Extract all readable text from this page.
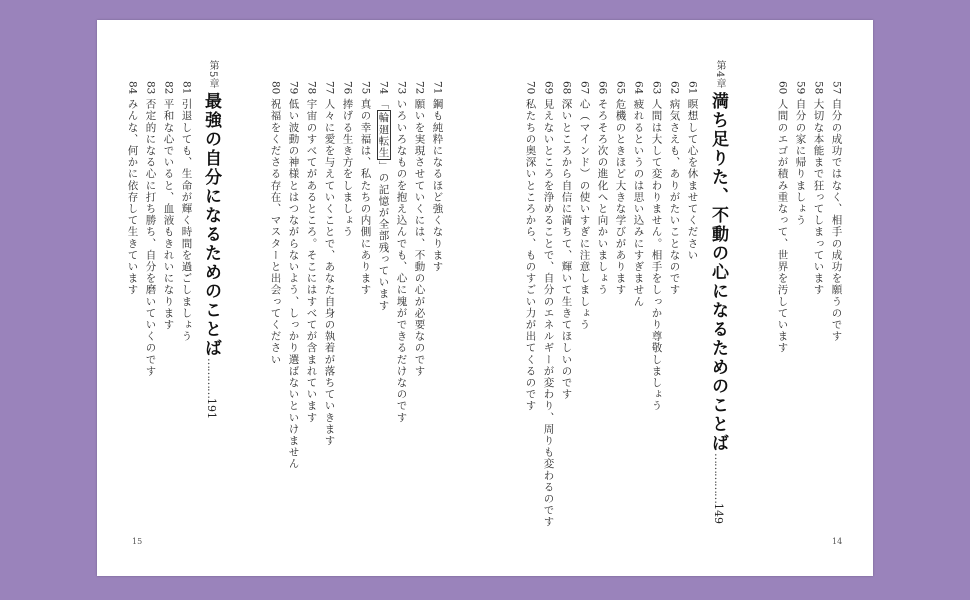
57自分の成功ではなく、相手の成功を願うのです
58大切な本能まで狂ってしまっています
59自分の家に帰りましょう
60人間のエゴが積み重なって、世界を汚しています
第4章
満ち足りた、不動の心になるためのことば……………149
61瞑想して心を休ませてください
62病気さえも、ありがたいことなのです
63人間は大して変わりません。相手をしっかり尊敬しましょう
64疲れるというのは思い込みにすぎません
65危機のときほど大きな学びがあります
66そろそろ次の進化へと向かいましょう
67心（マインド）の使いすぎに注意しましょう
68深いところから自信に満ちて、輝いて生きてほしいのです
69見えないところを浄めることで、自分のエネルギーが変わり、周りも変わるのです
70私たちの奥深いところから、ものすごい力が出てくるのです
14
71鋼も純粋になるほど強くなります
72願いを実現させていくには、不動の心が必要なのです
73いろいろなものを抱え込んでも、心に塊ができるだけなのです
74「輪廻転生」の記憶が全部残っています
75真の幸福は、私たちの内側にあります
76捧げる生き方をしましょう
77人々に愛を与えていくことで、あなた自身の執着が落ちていきます
78宇宙のすべてがあるところ。そこにはすべてが含まれています
79低い波動の神様とはつながらないよう、しっかり選ばないといけません
80祝福をくださる存在、マスターと出会ってください
第5章
最強の自分になるためのことば…………191
81引退しても、生命が輝く時間を過ごしましょう
82平和な心でいると、血液もきれいになります
83否定的になる心に打ち勝ち、自分を磨いていくのです
84みんな、何かに依存して生きています
15
